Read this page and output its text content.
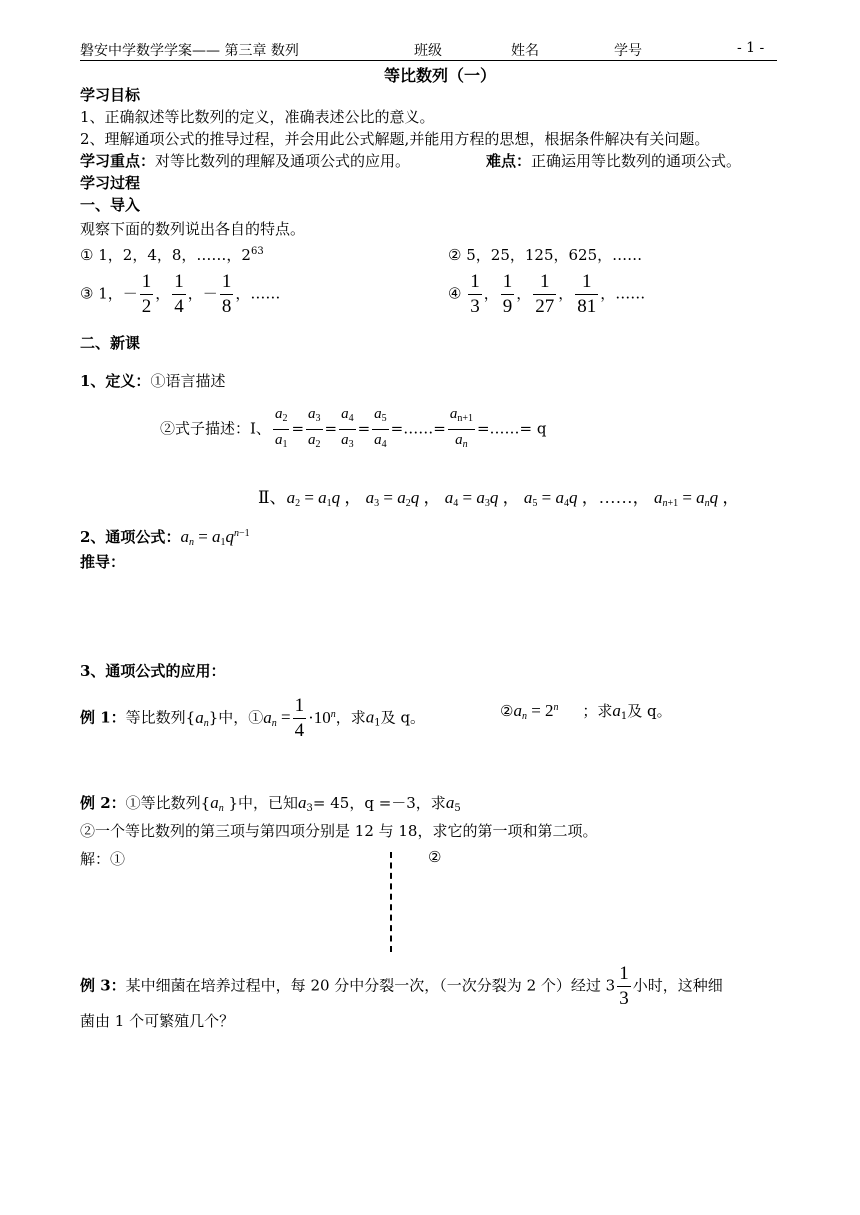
磐安中学数学学案—— 第三章 数列	班级	姓名	学号	- 1 -
等比数列（一）
学习目标
1、正确叙述等比数列的定义，准确表述公比的意义。
2、理解通项公式的推导过程，并会用此公式解题,并能用方程的思想，根据条件解决有关问题。
学习重点：对等比数列的理解及通项公式的应用。	难点：正确运用等比数列的通项公式。
学习过程
一、导入
观察下面的数列说出各自的特点。
① 1，2，4，8，……，$2^{63}$	② 5，25，125，625，……
③ 1，－ $\frac{1}{2}$ ， $\frac{1}{4}$ ，－ $\frac{1}{8}$ ，……	④ $\frac{1}{3}$ ， $\frac{1}{9}$ ， $\frac{1}{27}$ ， $\frac{1}{81}$ ，……
二、新课
1、定义：①语言描述
②式子描述：Ⅰ、 $\frac{a_2}{a_1} = \frac{a_3}{a_2} = \frac{a_4}{a_3} = \frac{a_5}{a_4}$ =……= $\frac{a_{n+1}}{a_n}$ =……= q
Ⅱ、$a_2 = a_1q$ ， $a_3 = a_2q$ ， $a_4 = a_3q$ ， $a_5 = a_4q$ ，……， $a_{n+1} = a_nq$ ，
2、通项公式：$a_n = a_1q^{n-1}$
推导：
3、通项公式的应用：
例 1：等比数列$\{a_n\}$中，$①a_n = \frac{1}{4} \cdot 10^n$，求$a_1$及 q。	$②a_n = 2^n$ ；求$a_1$及 q。
例 2：①等比数列{$a_n$ }中，已知$a_3= 45$，q =－3，求$a_5$
②一个等比数列的第三项与第四项分别是 12 与 18，求它的第一项和第二项。
解：①	②
例 3：某中细菌在培养过程中，每 20 分中分裂一次，（一次分裂为 2 个）经过 $3 \frac{1}{3}$ 小时，这种细
菌由 1 个可繁殖几个？
